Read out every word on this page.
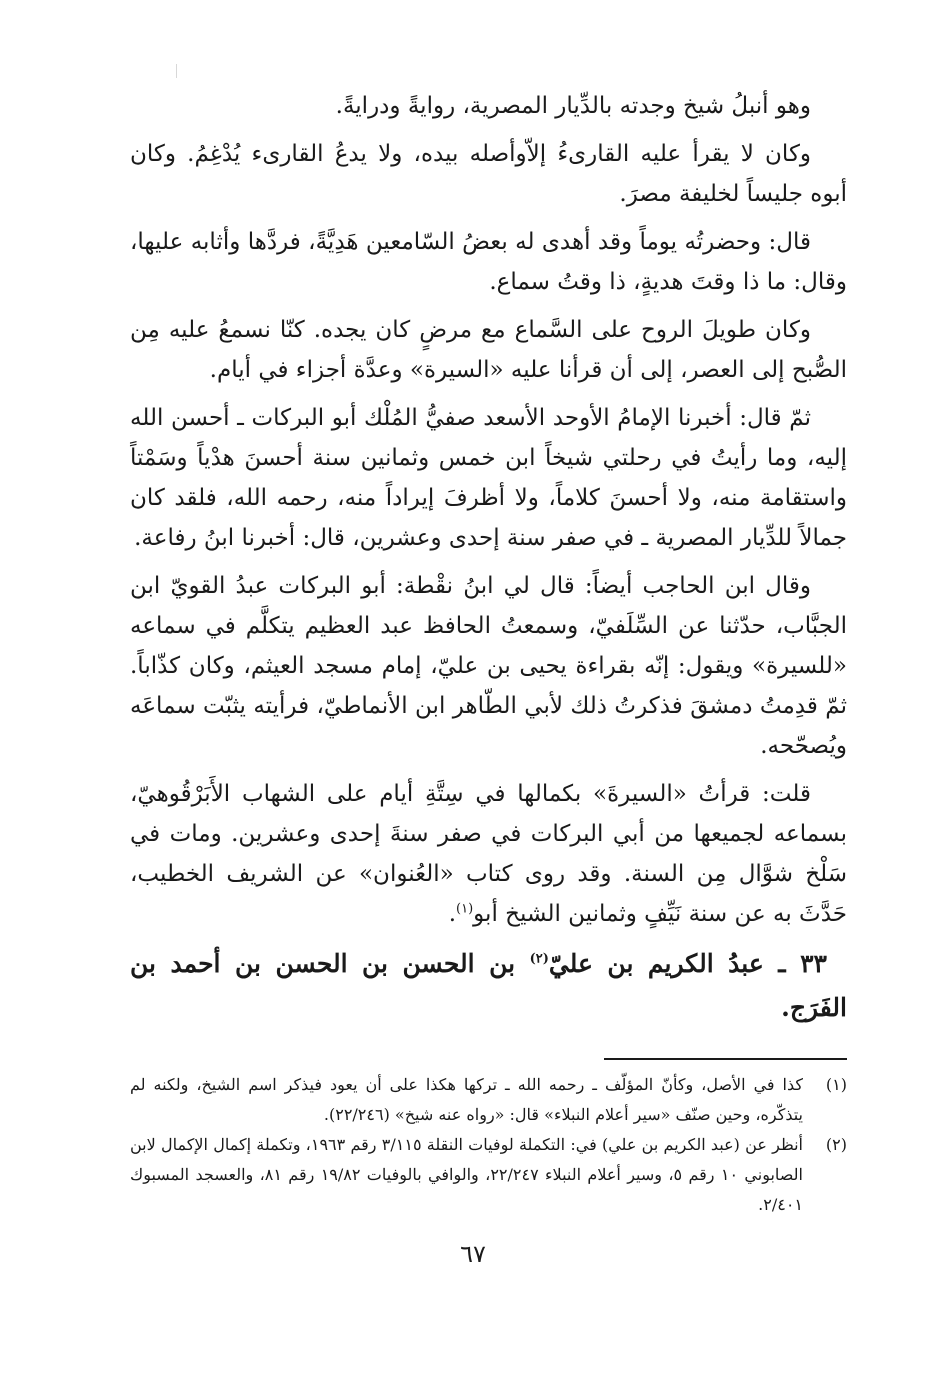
وهو أنبلُ شيخ وجدته بالدِّيار المصرية، روايةً ودرايةً.

وكان لا يقرأ عليه القارىءُ إلاّوأصله بيده، ولا يدعُ القارىء يُدْغِمُ. وكان أبوه جليساً لخليفة مصرَ.

قال: وحضرتُه يوماً وقد أهدى له بعضُ السّامعين هَدِيَّةً، فردَّها وأثابه عليها، وقال: ما ذا وقتَ هديةٍ، ذا وقتُ سماع.

وكان طويلَ الروح على السَّماع مع مرضٍ كان يجده. كنّا نسمعُ عليه مِن الصُّبح إلى العصر، إلى أن قرأنا عليه «السيرة» وعدَّة أجزاء في أيام.

ثمّ قال: أخبرنا الإمامُ الأوحد الأسعد صفيُّ المُلْك أبو البركات ـ أحسن الله إليه، وما رأيتُ في رحلتي شيخاً ابن خمس وثمانين سنة أحسنَ هدْياً وسَمْتاً واستقامة منه، ولا أحسنَ كلاماً، ولا أظرفَ إيراداً منه، رحمه الله، فلقد كان جمالاً للدِّيار المصرية ـ في صفر سنة إحدى وعشرين، قال: أخبرنا ابنُ رفاعة.

وقال ابن الحاجب أيضاً: قال لي ابنُ نقْطة: أبو البركات عبدُ القويّ ابن الجبَّاب، حدّثنا عن السِّلَفيّ، وسمعتُ الحافظ عبد العظيم يتكلَّم في سماعه «للسيرة» ويقول: إنّه بقراءة يحيى بن عليّ، إمام مسجد العيثم، وكان كذّاباً. ثمّ قدِمتُ دمشقَ فذكرتُ ذلك لأبي الطّاهر ابن الأنماطيّ، فرأيته يثبّت سماعَه ويُصحّحه.

قلت: قرأتُ «السيرةَ» بكمالها في سِتَّةِ أيام على الشهاب الأَبَرْقُوهيّ، بسماعه لجميعها من أبي البركات في صفر سنةَ إحدى وعشرين. ومات في سَلْخ شوَّال مِن السنة. وقد روى كتاب «العُنوان» عن الشريف الخطيب، حَدَّثَ به عن سنة نَيِّفٍ وثمانين الشيخ أبو$^{(١)}$.

٣٣ ـ عبدُ الكريم بن عليّ$^{(٢)}$ بن الحسن بن الحسن بن أحمد بن الفَرَج.

(١)
كذا في الأصل، وكأنّ المؤلّف ـ رحمه الله ـ تركها هكذا على أن يعود فيذكر اسم الشيخ، ولكنه لم يتذكّره، وحين صنّف «سير أعلام النبلاء» قال: «رواه عنه شيخ» (٢٢/٢٤٦).
(٢)
أنظر عن (عبد الكريم بن علي) في: التكملة لوفيات النقلة ٣/١١٥ رقم ١٩٦٣، وتكملة إكمال الإكمال لابن الصابوني ١٠ رقم ٥، وسير أعلام النبلاء ٢٢/٢٤٧، والوافي بالوفيات ١٩/٨٢ رقم ٨١، والعسجد المسبوك ٢/٤٠١.
٦٧
